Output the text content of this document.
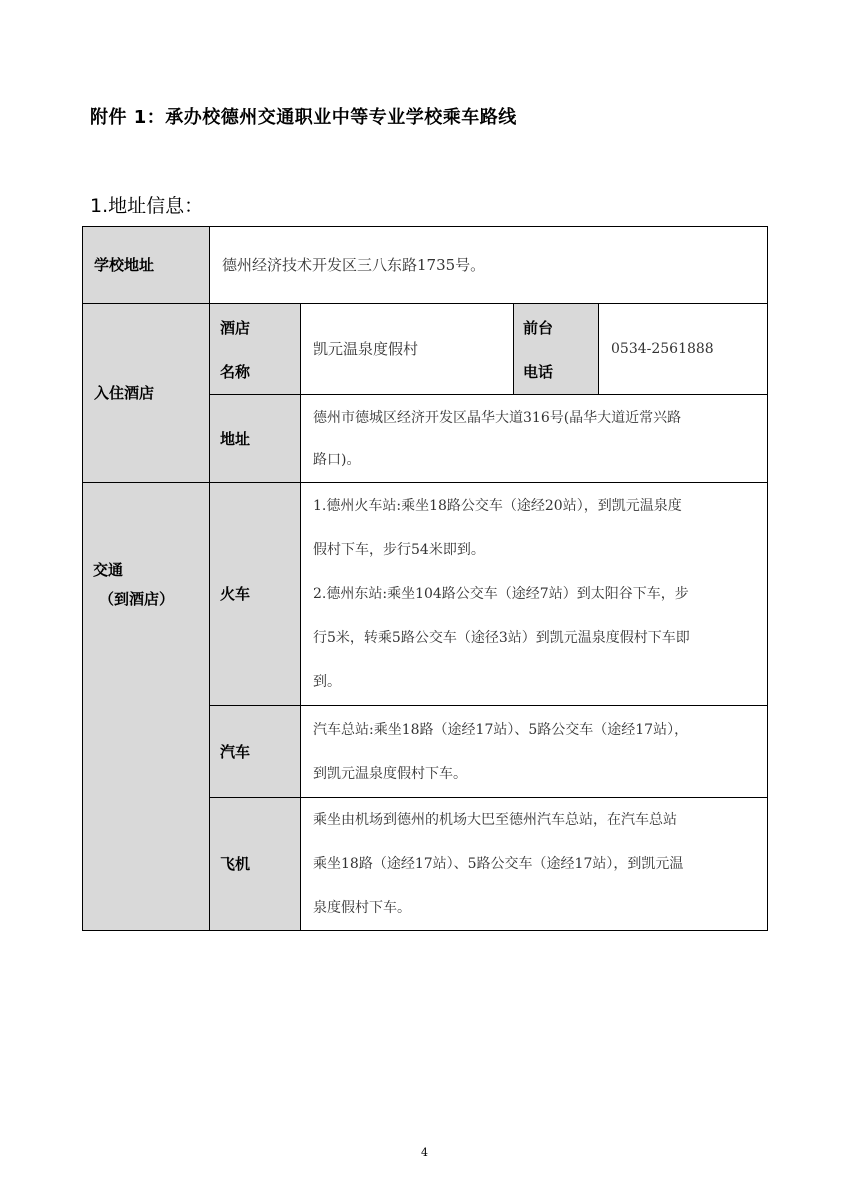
附件 1：承办校德州交通职业中等专业学校乘车路线
1.地址信息：
学校地址	德州经济技术开发区三八东路1735号。
入住酒店
酒店
名称
凯元温泉度假村
前台
电话
0534-2561888
地址
德州市德城区经济开发区晶华大道316号(晶华大道近常兴路
路口)。
交通
（到酒店）	火车
1.德州火车站:乘坐18路公交车（途经20站），到凯元温泉度
假村下车，步行54米即到。
2.德州东站:乘坐104路公交车（途经7站）到太阳谷下车，步
行5米，转乘5路公交车（途径3站）到凯元温泉度假村下车即
到。
汽车
汽车总站:乘坐18路（途经17站）、5路公交车（途经17站），
到凯元温泉度假村下车。
飞机
乘坐由机场到德州的机场大巴至德州汽车总站，在汽车总站
乘坐18路（途经17站）、5路公交车（途经17站），到凯元温
泉度假村下车。
4
